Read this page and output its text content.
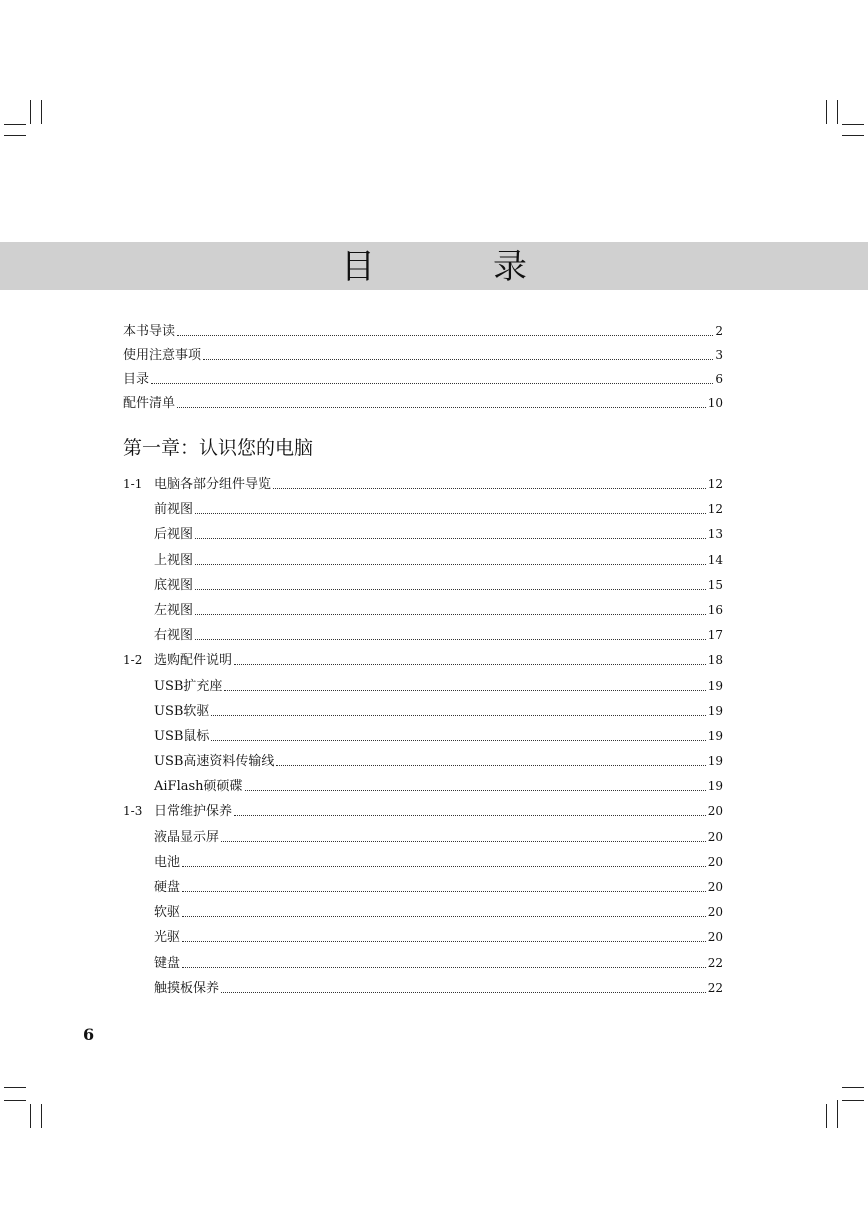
目　录
本书导读	2
使用注意事项	3
目录	6
配件清单	10
第一章：认识您的电脑
1-1 电脑各部分组件导览	12
前视图	12
后视图	13
上视图	14
底视图	15
左视图	16
右视图	17
1-2 选购配件说明	18
USB扩充座	19
USB软驱	19
USB鼠标	19
USB高速资料传输线	19
AiFlash硕硕碟	19
1-3 日常维护保养	20
液晶显示屏	20
电池	20
硬盘	20
软驱	20
光驱	20
键盘	22
触摸板保养	22
6
